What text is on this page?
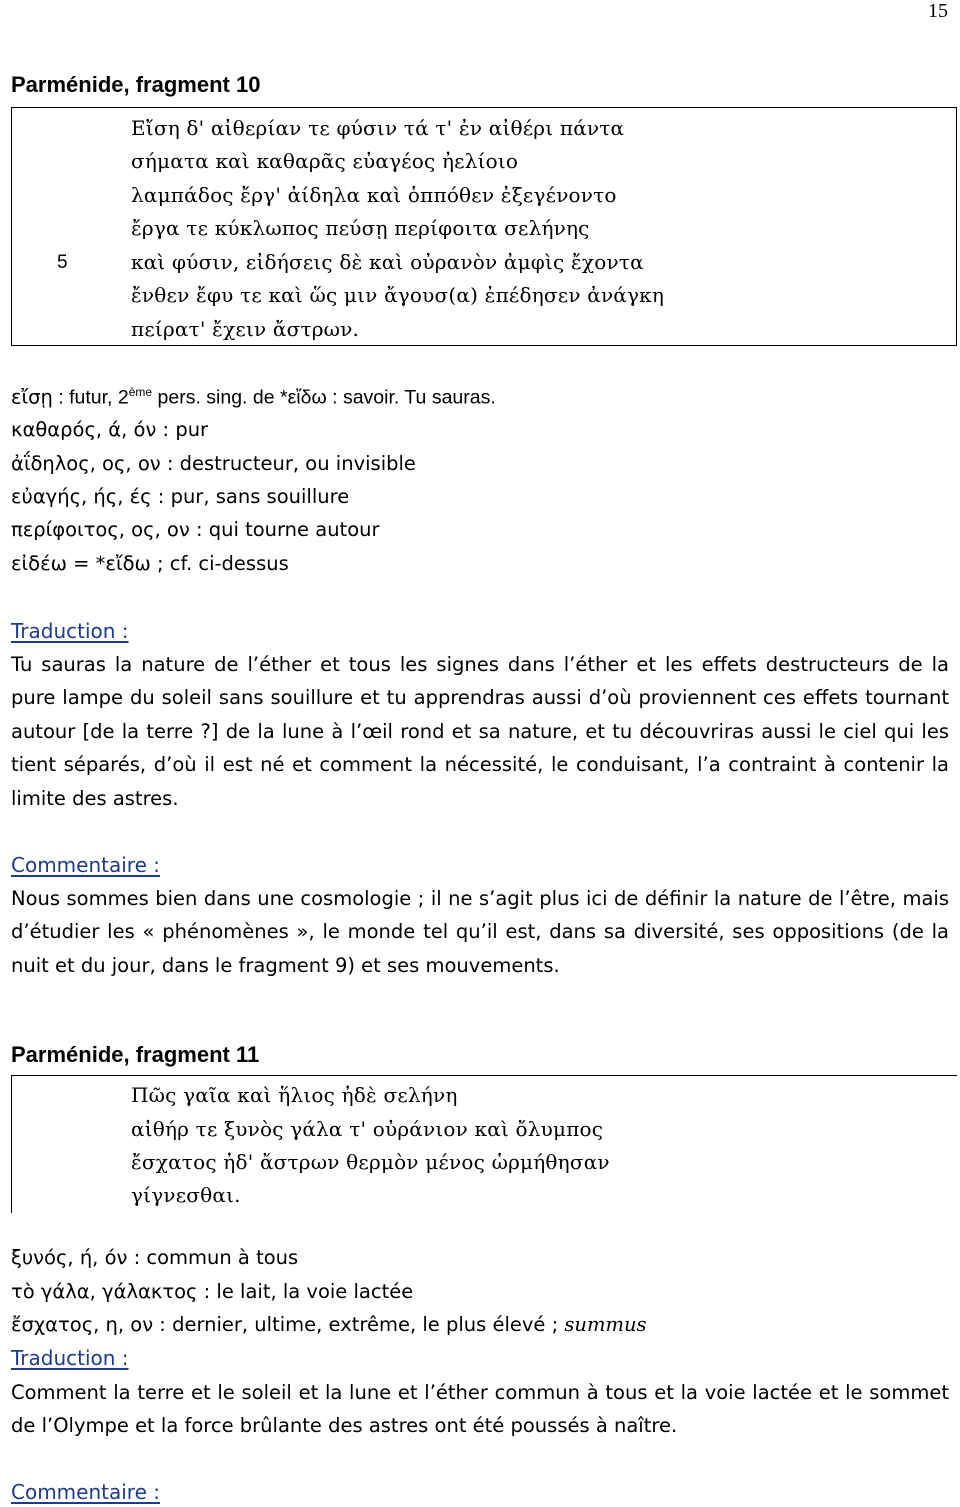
15
Parménide, fragment 10
Εἴση δ' αἰθερίαν τε φύσιν τά τ' ἐν αἰθέρι πάντα
σήματα καὶ καθαρᾶς εὐαγέος ἠελίοιο
λαμπάδος ἔργ' ἀίδηλα καὶ ὁππόθεν ἐξεγένοντο
ἔργα τε κύκλωπος πεύσῃ περίφοιτα σελήνης
5	καὶ φύσιν, εἰδήσεις δὲ καὶ οὐρανὸν ἀμφὶς ἔχοντα
ἔνθεν ἔφυ τε καὶ ὥς μιν ἄγουσ(α) ἐπέδησεν ἀνάγκη
πείρατ' ἔχειν ἄστρων.
εἴσῃ : futur, 2ème pers. sing. de *εἴδω : savoir. Tu sauras.
καθαρός, ά, όν : pur
ἀΐδηλος, ος, ον : destructeur, ou invisible
εὐαγής, ής, ές : pur, sans souillure
περίφοιτος, ος, ον : qui tourne autour
εἰδέω = *εἴδω ; cf. ci-dessus
Traduction :
Tu sauras la nature de l’éther et tous les signes dans l’éther et les effets destructeurs de la pure lampe du soleil sans souillure et tu apprendras aussi d’où proviennent ces effets tournant autour [de la terre ?] de la lune à l’œil rond et sa nature, et tu découvriras aussi le ciel qui les tient séparés, d’où il est né et comment la nécessité, le conduisant, l’a contraint à contenir la limite des astres.
Commentaire :
Nous sommes bien dans une cosmologie ; il ne s’agit plus ici de définir la nature de l’être, mais d’étudier les « phénomènes », le monde tel qu’il est, dans sa diversité, ses oppositions (de la nuit et du jour, dans le fragment 9) et ses mouvements.
Parménide, fragment 11
Πῶς γαῖα καὶ ἥλιος ἠδὲ σελήνη
αἰθήρ τε ξυνὸς γάλα τ' οὐράνιον καὶ ὄλυμπος
ἔσχατος ἠδ' ἄστρων θερμὸν μένος ὡρμήθησαν
γίγνεσθαι.
ξυνός, ή, όν : commun à tous
τὸ γάλα, γάλακτος : le lait, la voie lactée
ἔσχατος, η, ον : dernier, ultime, extrême, le plus élevé ; summus
Traduction :
Comment la terre et le soleil et la lune et l’éther commun à tous et la voie lactée et le sommet de l’Olympe et la force brûlante des astres ont été poussés à naître.
Commentaire :
